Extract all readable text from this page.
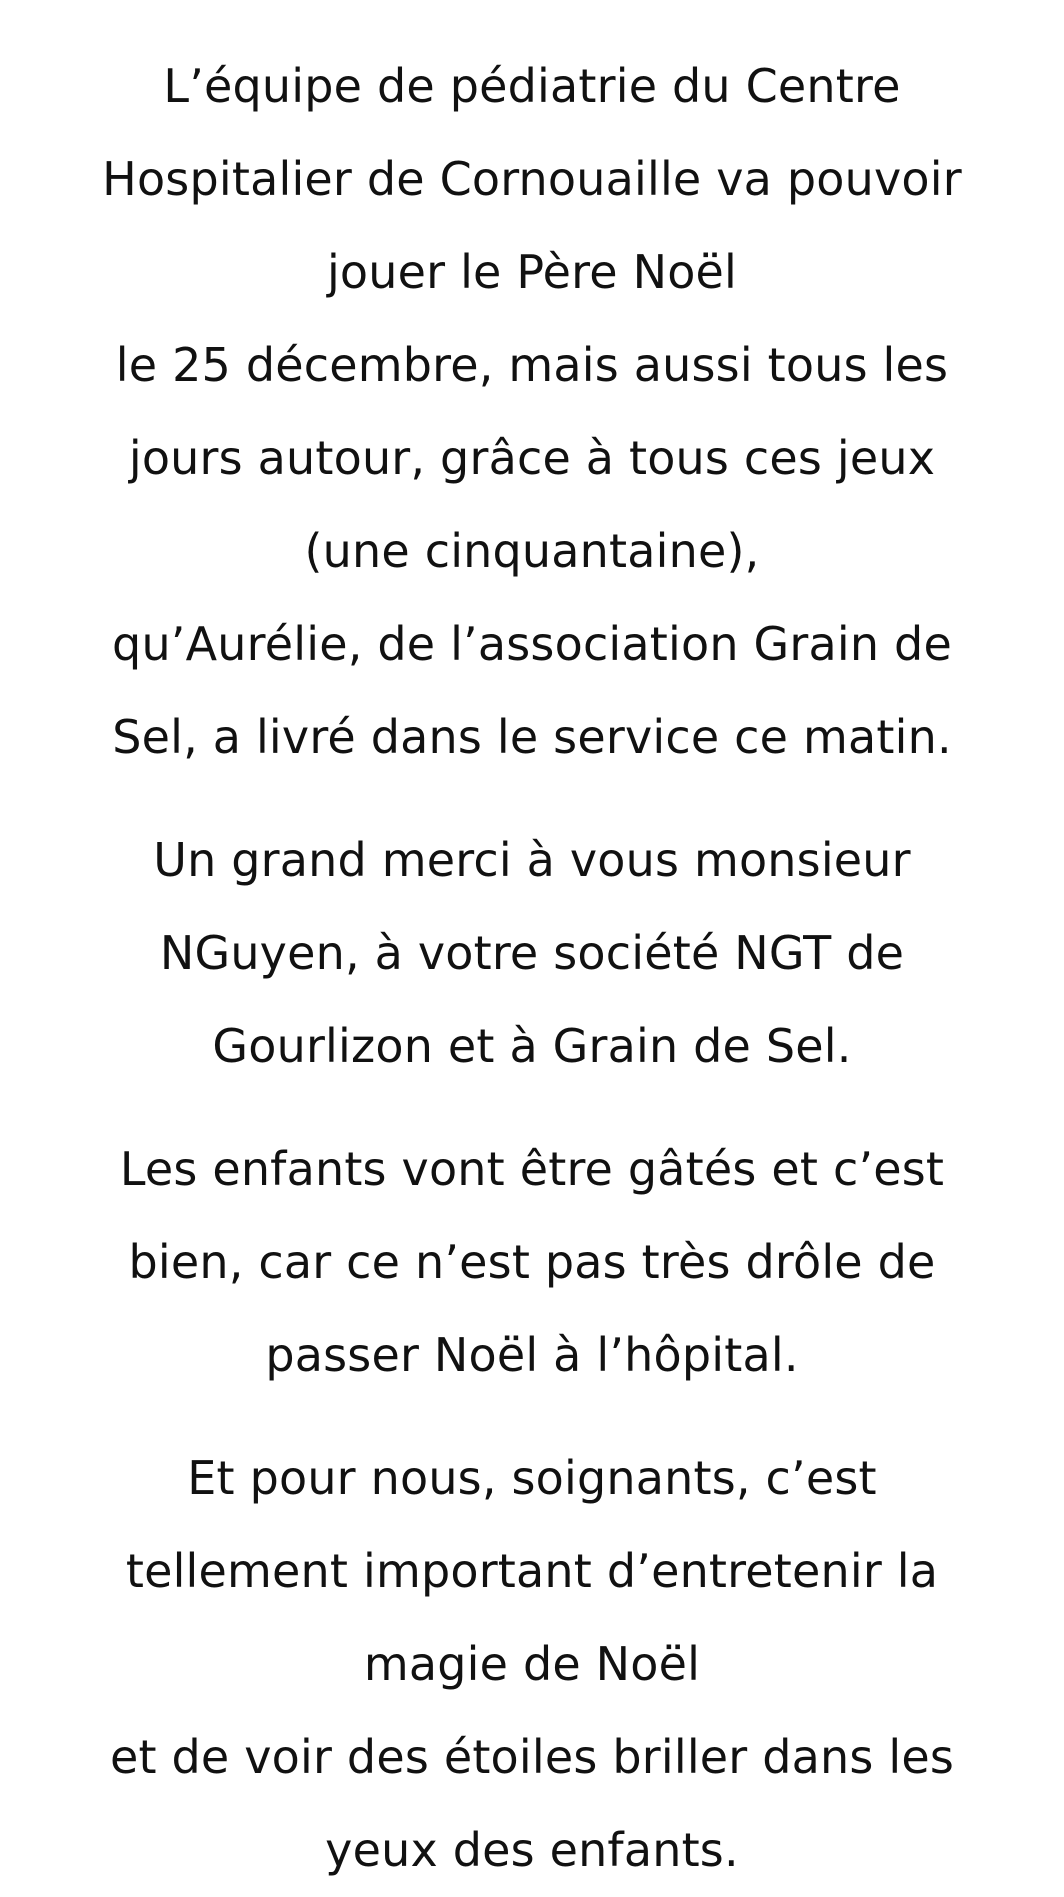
L’équipe de pédiatrie du Centre
Hospitalier de Cornouaille va pouvoir
jouer le Père Noël
le 25 décembre, mais aussi tous les
jours autour, grâce à tous ces jeux
(une cinquantaine),
qu’Aurélie, de l’association Grain de
Sel, a livré dans le service ce matin.
Un grand merci à vous monsieur
NGuyen, à votre société NGT de
Gourlizon et à Grain de Sel.
Les enfants vont être gâtés et c’est
bien, car ce n’est pas très drôle de
passer Noël à l’hôpital.
Et pour nous, soignants, c’est
tellement important d’entretenir la
magie de Noël
et de voir des étoiles briller dans les
yeux des enfants.
